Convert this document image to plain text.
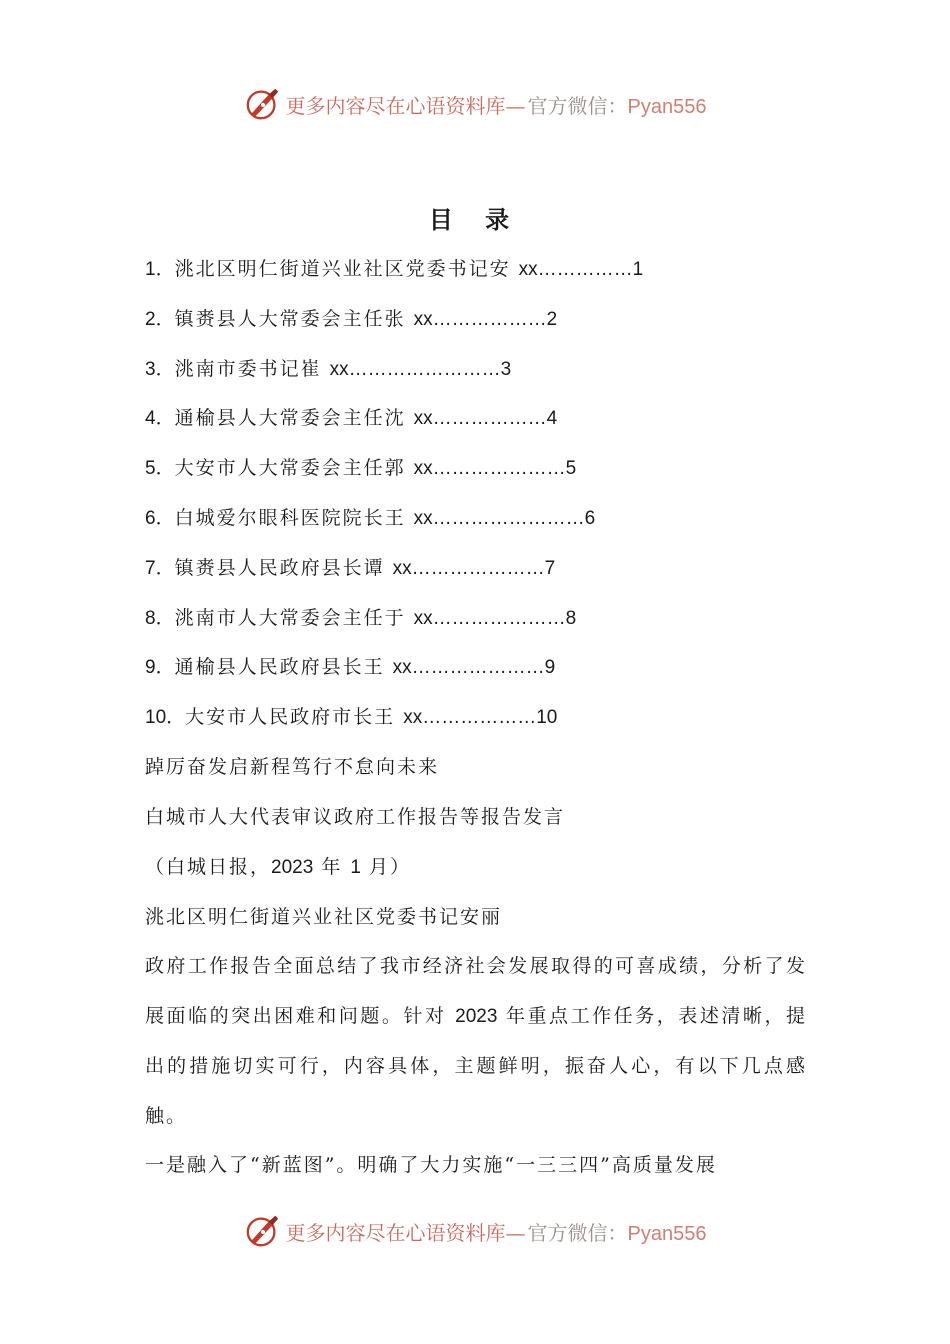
更多内容尽在心语资料库— 官方微信：Pyan556
目 录
1．洮北区明仁街道兴业社区党委书记安 xx……………1
2．镇赉县人大常委会主任张 xx………………2
3．洮南市委书记崔 xx……………………3
4．通榆县人大常委会主任沈 xx………………4
5．大安市人大常委会主任郭 xx…………………5
6．白城爱尔眼科医院院长王 xx……………………6
7．镇赉县人民政府县长谭 xx…………………7
8．洮南市人大常委会主任于 xx…………………8
9．通榆县人民政府县长王 xx…………………9
10．大安市人民政府市长王 xx………………10

踔厉奋发启新程笃行不怠向未来

白城市人大代表审议政府工作报告等报告发言

（白城日报，2023 年 1 月）

洮北区明仁街道兴业社区党委书记安丽

政府工作报告全面总结了我市经济社会发展取得的可喜成绩，分析了发展面临的突出困难和问题。针对 2023 年重点工作任务，表述清晰，提出的措施切实可行，内容具体，主题鲜明，振奋人心，有以下几点感触。

一是融入了“新蓝图”。明确了大力实施“一三三四”高质量发展

更多内容尽在心语资料库— 官方微信：Pyan556
